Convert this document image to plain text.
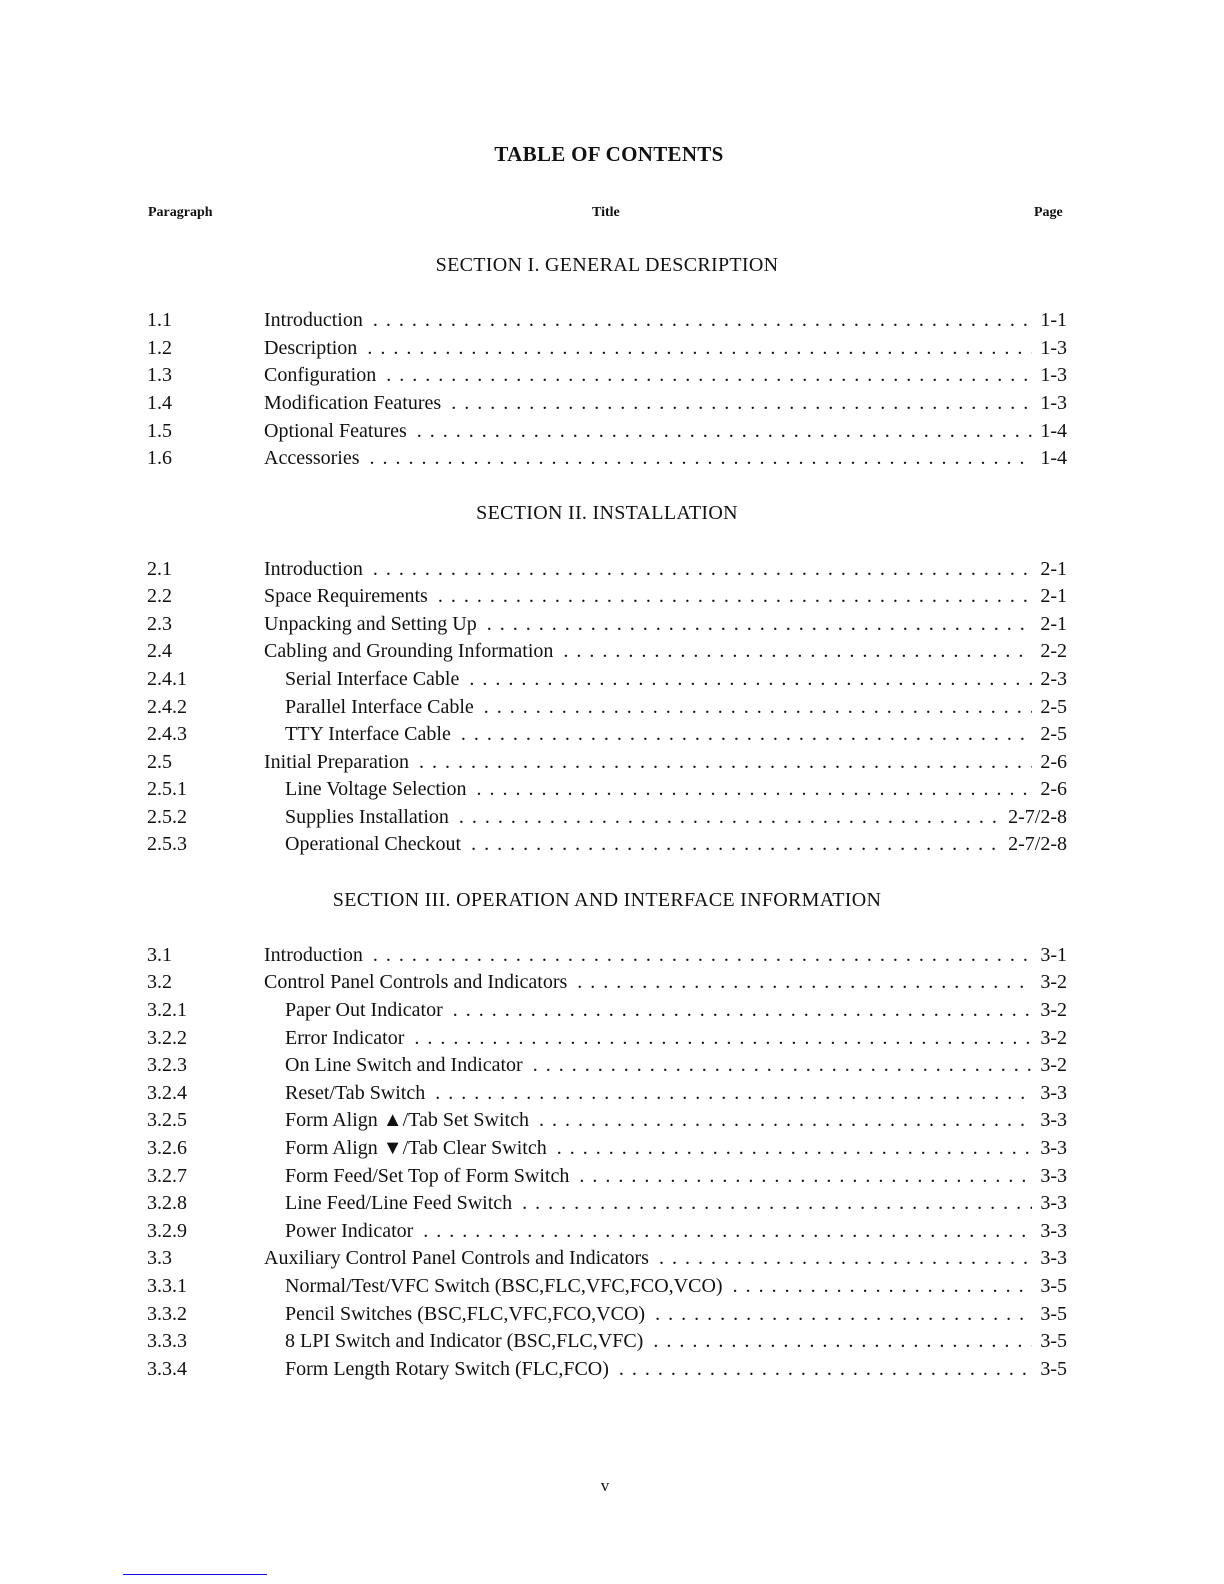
TABLE OF CONTENTS
Paragraph	Title	Page
SECTION I. GENERAL DESCRIPTION
1.1	Introduction . . .	1-1
1.2	Description . . .	1-3
1.3	Configuration . . .	1-3
1.4	Modification Features . . .	1-3
1.5	Optional Features . . .	1-4
1.6	Accessories . . .	1-4
SECTION II. INSTALLATION
2.1	Introduction . . .	2-1
2.2	Space Requirements . . .	2-1
2.3	Unpacking and Setting Up . . .	2-1
2.4	Cabling and Grounding Information . . .	2-2
2.4.1	Serial Interface Cable . . .	2-3
2.4.2	Parallel Interface Cable . . .	2-5
2.4.3	TTY Interface Cable . . .	2-5
2.5	Initial Preparation . . .	2-6
2.5.1	Line Voltage Selection . . .	2-6
2.5.2	Supplies Installation . . .	2-7/2-8
2.5.3	Operational Checkout . . .	2-7/2-8
SECTION III. OPERATION AND INTERFACE INFORMATION
3.1	Introduction . . .	3-1
3.2	Control Panel Controls and Indicators . . .	3-2
3.2.1	Paper Out Indicator . . .	3-2
3.2.2	Error Indicator . . .	3-2
3.2.3	On Line Switch and Indicator . . .	3-2
3.2.4	Reset/Tab Switch . . .	3-3
3.2.5	Form Align ▲/Tab Set Switch . . .	3-3
3.2.6	Form Align ▼/Tab Clear Switch . . .	3-3
3.2.7	Form Feed/Set Top of Form Switch . . .	3-3
3.2.8	Line Feed/Line Feed Switch . . .	3-3
3.2.9	Power Indicator . . .	3-3
3.3	Auxiliary Control Panel Controls and Indicators . . .	3-3
3.3.1	Normal/Test/VFC Switch (BSC,FLC,VFC,FCO,VCO) . . .	3-5
3.3.2	Pencil Switches (BSC,FLC,VFC,FCO,VCO) . . .	3-5
3.3.3	8 LPI Switch and Indicator (BSC,FLC,VFC) . . .	3-5
3.3.4	Form Length Rotary Switch (FLC,FCO) . . .	3-5
v
